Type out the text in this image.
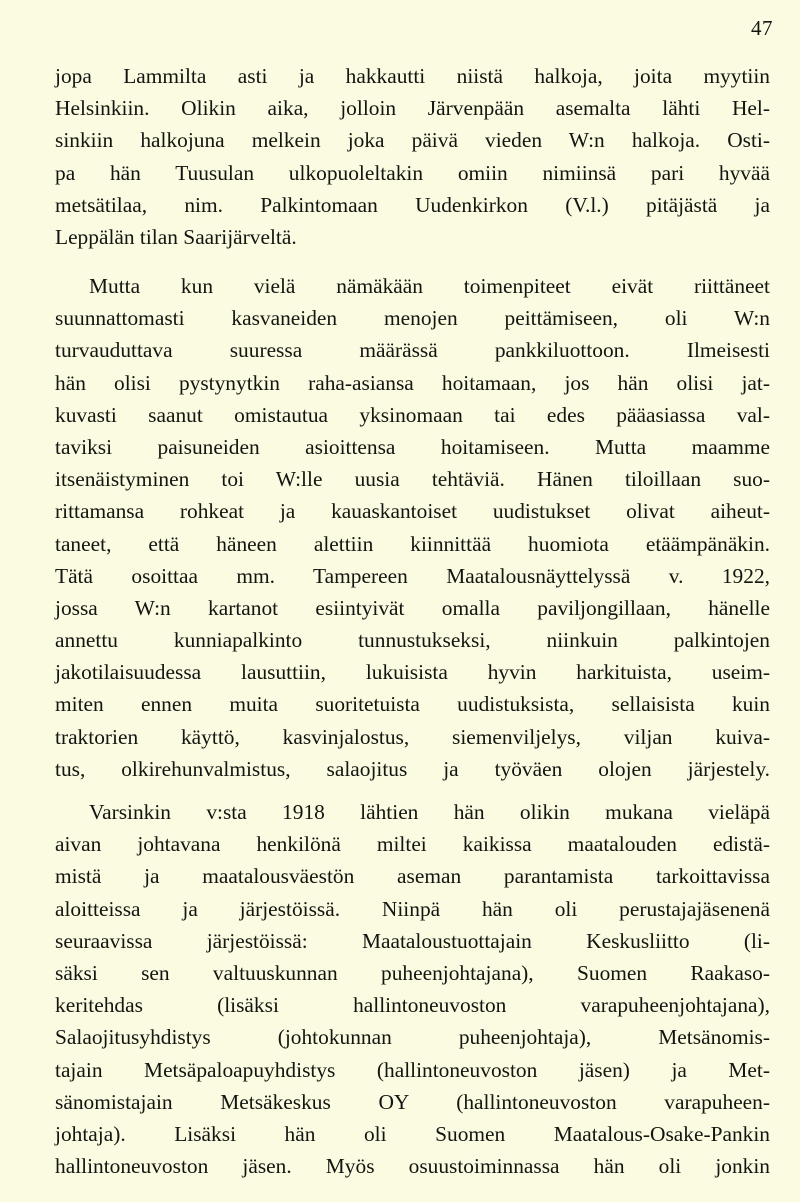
47
jopa Lammilta asti ja hakkautti niistä halkoja, joita myytiin
Helsinkiin. Olikin aika, jolloin Järvenpään asemalta lähti Hel-
sinkiin halkojuna melkein joka päivä vieden W:n halkoja. Osti-
pa hän Tuusulan ulkopuoleltakin omiin nimiinsä pari hyvää
metsätilaa, nim. Palkintomaan Uudenkirkon (V.l.) pitäjästä ja
Leppälän tilan Saarijärveltä.
Mutta kun vielä nämäkään toimenpiteet eivät riittäneet
suunnattomasti kasvaneiden menojen peittämiseen, oli W:n
turvauduttava suuressa määrässä pankkiluottoon. Ilmeisesti
hän olisi pystynytkin raha-asiansa hoitamaan, jos hän olisi jat-
kuvasti saanut omistautua yksinomaan tai edes pääasiassa val-
taviksi paisuneiden asioittensa hoitamiseen. Mutta maamme
itsenäistyminen toi W:lle uusia tehtäviä. Hänen tiloillaan suo-
rittamansa rohkeat ja kauaskantoiset uudistukset olivat aiheut-
taneet, että häneen alettiin kiinnittää huomiota etäämpänäkin.
Tätä osoittaa mm. Tampereen Maatalousnäyttelyssä v. 1922,
jossa W:n kartanot esiintyivät omalla paviljongillaan, hänelle
annettu kunniapalkinto tunnustukseksi, niinkuin palkintojen
jakotilaisuudessa lausuttiin, lukuisista hyvin harkituista, useim-
miten ennen muita suoritetuista uudistuksista, sellaisista kuin
traktorien käyttö, kasvinjalostus, siemenviljelys, viljan kuiva-
tus, olkirehunvalmistus, salaojitus ja työväen olojen järjestely.
Varsinkin v:sta 1918 lähtien hän olikin mukana vieläpä
aivan johtavana henkilönä miltei kaikissa maatalouden edistä-
mistä ja maatalousväestön aseman parantamista tarkoittavissa
aloitteissa ja järjestöissä. Niinpä hän oli perustajajäsenenä
seuraavissa järjestöissä: Maataloustuottajain Keskusliitto (li-
säksi sen valtuuskunnan puheenjohtajana), Suomen Raakaso-
keritehdas (lisäksi hallintoneuvoston varapuheenjohtajana),
Salaojitusyhdistys (johtokunnan puheenjohtaja), Metsänomis-
tajain Metsäpaloapuyhdistys (hallintoneuvoston jäsen) ja Met-
sänomistajain Metsäkeskus OY (hallintoneuvoston varapuheen-
johtaja). Lisäksi hän oli Suomen Maatalous-Osake-Pankin
hallintoneuvoston jäsen. Myös osuustoiminnassa hän oli jonkin
